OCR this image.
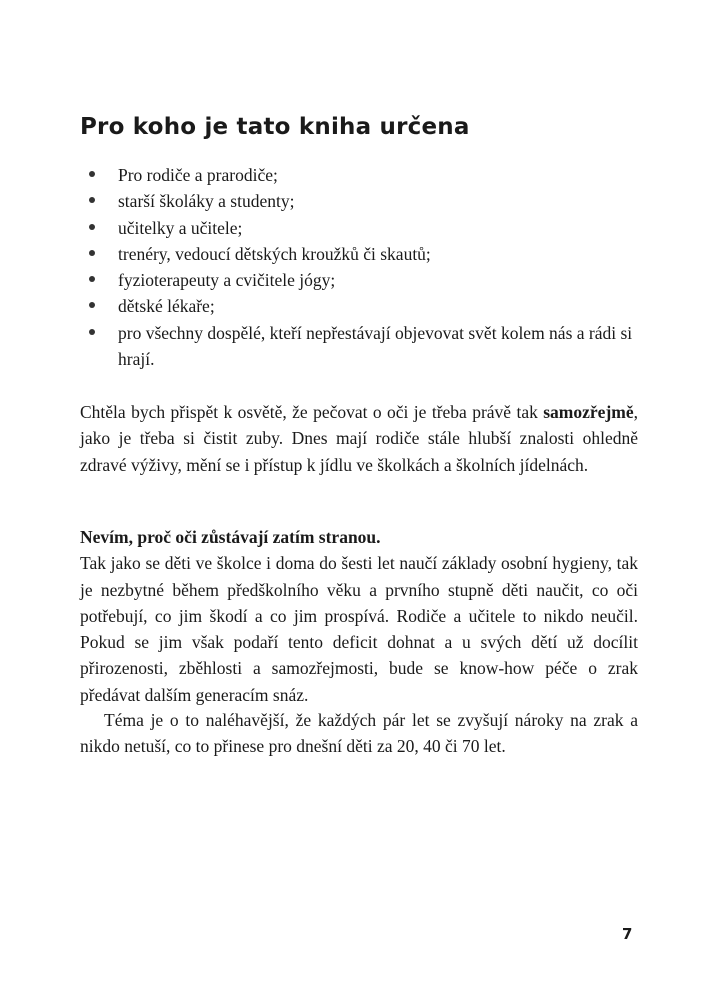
Pro koho je tato kniha určena
Pro rodiče a prarodiče;
starší školáky a studenty;
učitelky a učitele;
trenéry, vedoucí dětských kroužků či skautů;
fyzioterapeuty a cvičitele jógy;
dětské lékaře;
pro všechny dospělé, kteří nepřestávají objevovat svět kolem nás a rádi si hrají.

Chtěla bych přispět k osvětě, že pečovat o oči je třeba právě tak samozřejmě, jako je třeba si čistit zuby. Dnes mají rodiče stále hlubší znalosti ohledně zdravé výživy, mění se i přístup k jídlu ve školkách a školních jídelnách.

Nevím, proč oči zůstávají zatím stranou.
Tak jako se děti ve školce i doma do šesti let naučí základy osobní hygieny, tak je nezbytné během předškolního věku a prvního stupně děti naučit, co oči potřebují, co jim škodí a co jim prospívá. Rodiče a učitele to nikdo neučil. Pokud se jim však podaří tento deficit dohnat a u svých dětí už docílit přirozenosti, zběhlosti a samozřejmosti, bude se know-how péče o zrak předávat dalším generacím snáz.

Téma je o to naléhavější, že každých pár let se zvyšují nároky na zrak a nikdo netuší, co to přinese pro dnešní děti za 20, 40 či 70 let.

7
